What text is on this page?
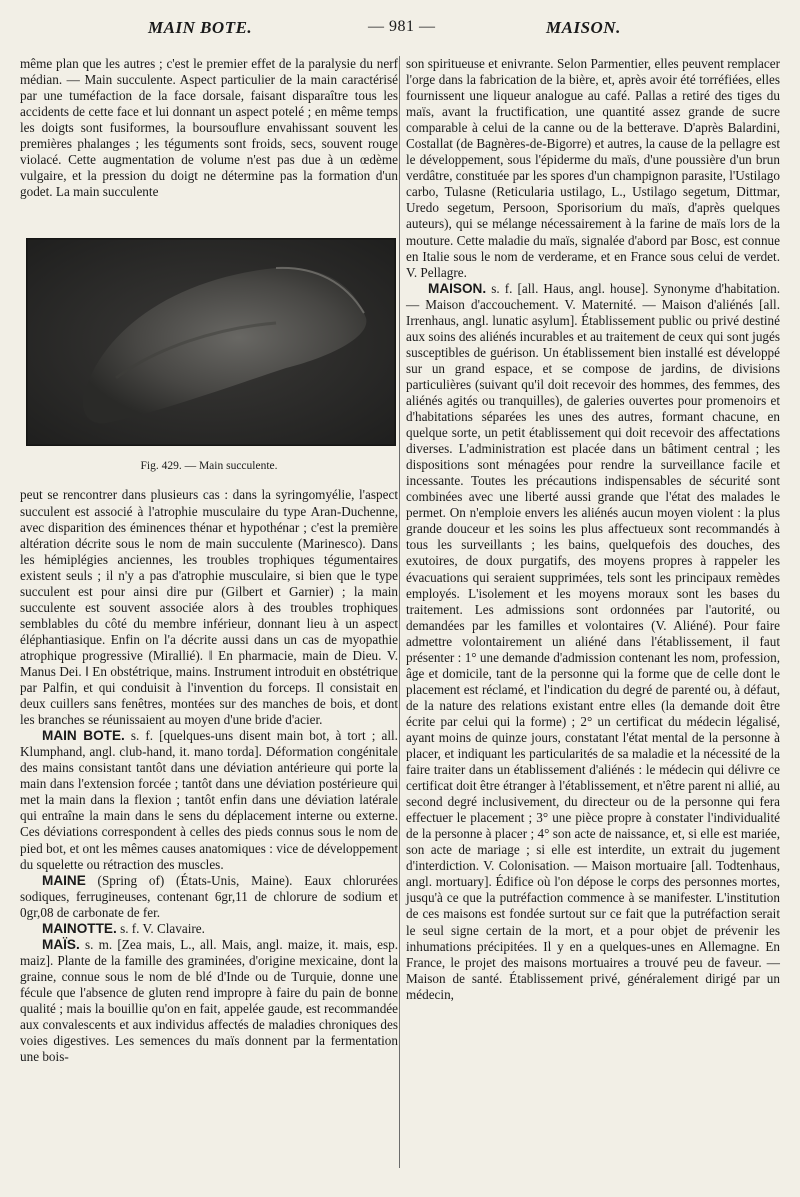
MAIN BOTE.	— 981 —	MAISON.

même plan que les autres ; c'est le premier effet de la paralysie du nerf médian. — Main succulente. Aspect particulier de la main caractérisé par une tuméfaction de la face dorsale, faisant disparaître tous les accidents de cette face et lui donnant un aspect potelé ; en même temps les doigts sont fusiformes, la boursouflure envahissant souvent les premières phalanges ; les téguments sont froids, secs, souvent rouge violacé. Cette augmentation de volume n'est pas due à un œdème vulgaire, et la pression du doigt ne détermine pas la formation d'un godet. La main succulente

Fig. 429. — Main succulente.

peut se rencontrer dans plusieurs cas : dans la syringomyélie, l'aspect succulent est associé à l'atrophie musculaire du type Aran-Duchenne, avec disparition des éminences thénar et hypothénar ; c'est la première altération décrite sous le nom de main succulente (Marinesco). Dans les hémiplégies anciennes, les troubles trophiques tégumentaires existent seuls ; il n'y a pas d'atrophie musculaire, si bien que le type succulent est pour ainsi dire pur (Gilbert et Garnier) ; la main succulente est souvent associée alors à des troubles trophiques semblables du côté du membre inférieur, donnant lieu à un aspect éléphantiasique. Enfin on l'a décrite aussi dans un cas de myopathie atrophique progressive (Mirallié). ‖ En pharmacie, main de Dieu. V. Manus Dei. ‖ En obstétrique, mains. Instrument introduit en obstétrique par Palfin, et qui conduisit à l'invention du forceps. Il consistait en deux cuillers sans fenêtres, montées sur des manches de bois, et dont les branches se réunissaient au moyen d'une bride d'acier.

MAIN BOTE. s. f. [quelques-uns disent main bot, à tort ; all. Klumphand, angl. club-hand, it. mano torda]. Déformation congénitale des mains consistant tantôt dans une déviation antérieure qui porte la main dans l'extension forcée ; tantôt dans une déviation postérieure qui met la main dans la flexion ; tantôt enfin dans une déviation latérale qui entraîne la main dans le sens du déplacement interne ou externe. Ces déviations correspondent à celles des pieds connus sous le nom de pied bot, et ont les mêmes causes anatomiques : vice de développement du squelette ou rétraction des muscles.

MAINE (Spring of) (États-Unis, Maine). Eaux chlorurées sodiques, ferrugineuses, contenant 6gr,11 de chlorure de sodium et 0gr,08 de carbonate de fer.

MAINOTTE. s. f. V. Clavaire.

MAÏS. s. m. [Zea mais, L., all. Mais, angl. maize, it. mais, esp. maiz]. Plante de la famille des graminées, d'origine mexicaine, dont la graine, connue sous le nom de blé d'Inde ou de Turquie, donne une fécule que l'absence de gluten rend impropre à faire du pain de bonne qualité ; mais la bouillie qu'on en fait, appelée gaude, est recommandée aux convalescents et aux individus affectés de maladies chroniques des voies digestives. Les semences du maïs donnent par la fermentation une bois-

son spiritueuse et enivrante. Selon Parmentier, elles peuvent remplacer l'orge dans la fabrication de la bière, et, après avoir été torréfiées, elles fournissent une liqueur analogue au café. Pallas a retiré des tiges du maïs, avant la fructification, une quantité assez grande de sucre comparable à celui de la canne ou de la betterave. D'après Balardini, Costallat (de Bagnères-de-Bigorre) et autres, la cause de la pellagre est le développement, sous l'épiderme du maïs, d'une poussière d'un brun verdâtre, constituée par les spores d'un champignon parasite, l'Ustilago carbo, Tulasne (Reticularia ustilago, L., Ustilago segetum, Dittmar, Uredo segetum, Persoon, Sporisorium du maïs, d'après quelques auteurs), qui se mélange nécessairement à la farine de maïs lors de la mouture. Cette maladie du maïs, signalée d'abord par Bosc, est connue en Italie sous le nom de verderame, et en France sous celui de verdet. V. Pellagre.

MAISON. s. f. [all. Haus, angl. house]. Synonyme d'habitation. — Maison d'accouchement. V. Maternité. — Maison d'aliénés [all. Irrenhaus, angl. lunatic asylum]. Établissement public ou privé destiné aux soins des aliénés incurables et au traitement de ceux qui sont jugés susceptibles de guérison. Un établissement bien installé est développé sur un grand espace, et se compose de jardins, de divisions particulières (suivant qu'il doit recevoir des hommes, des femmes, des aliénés agités ou tranquilles), de galeries ouvertes pour promenoirs et d'habitations séparées les unes des autres, formant chacune, en quelque sorte, un petit établissement qui doit recevoir des affectations diverses. L'administration est placée dans un bâtiment central ; les dispositions sont ménagées pour rendre la surveillance facile et incessante. Toutes les précautions indispensables de sécurité sont combinées avec une liberté aussi grande que l'état des malades le permet. On n'emploie envers les aliénés aucun moyen violent : la plus grande douceur et les soins les plus affectueux sont recommandés à tous les surveillants ; les bains, quelquefois des douches, des exutoires, de doux purgatifs, des moyens propres à rappeler les évacuations qui seraient supprimées, tels sont les principaux remèdes employés. L'isolement et les moyens moraux sont les bases du traitement. Les admissions sont ordonnées par l'autorité, ou demandées par les familles et volontaires (V. Aliéné). Pour faire admettre volontairement un aliéné dans l'établissement, il faut présenter : 1° une demande d'admission contenant les nom, profession, âge et domicile, tant de la personne qui la forme que de celle dont le placement est réclamé, et l'indication du degré de parenté ou, à défaut, de la nature des relations existant entre elles (la demande doit être écrite par celui qui la forme) ; 2° un certificat du médecin légalisé, ayant moins de quinze jours, constatant l'état mental de la personne à placer, et indiquant les particularités de sa maladie et la nécessité de la faire traiter dans un établissement d'aliénés : le médecin qui délivre ce certificat doit être étranger à l'établissement, et n'être parent ni allié, au second degré inclusivement, du directeur ou de la personne qui fera effectuer le placement ; 3° une pièce propre à constater l'individualité de la personne à placer ; 4° son acte de naissance, et, si elle est mariée, son acte de mariage ; si elle est interdite, un extrait du jugement d'interdiction. V. Colonisation. — Maison mortuaire [all. Todtenhaus, angl. mortuary]. Édifice où l'on dépose le corps des personnes mortes, jusqu'à ce que la putréfaction commence à se manifester. L'institution de ces maisons est fondée surtout sur ce fait que la putréfaction serait le seul signe certain de la mort, et a pour objet de prévenir les inhumations précipitées. Il y en a quelques-unes en Allemagne. En France, le projet des maisons mortuaires a trouvé peu de faveur. — Maison de santé. Établissement privé, généralement dirigé par un médecin,
